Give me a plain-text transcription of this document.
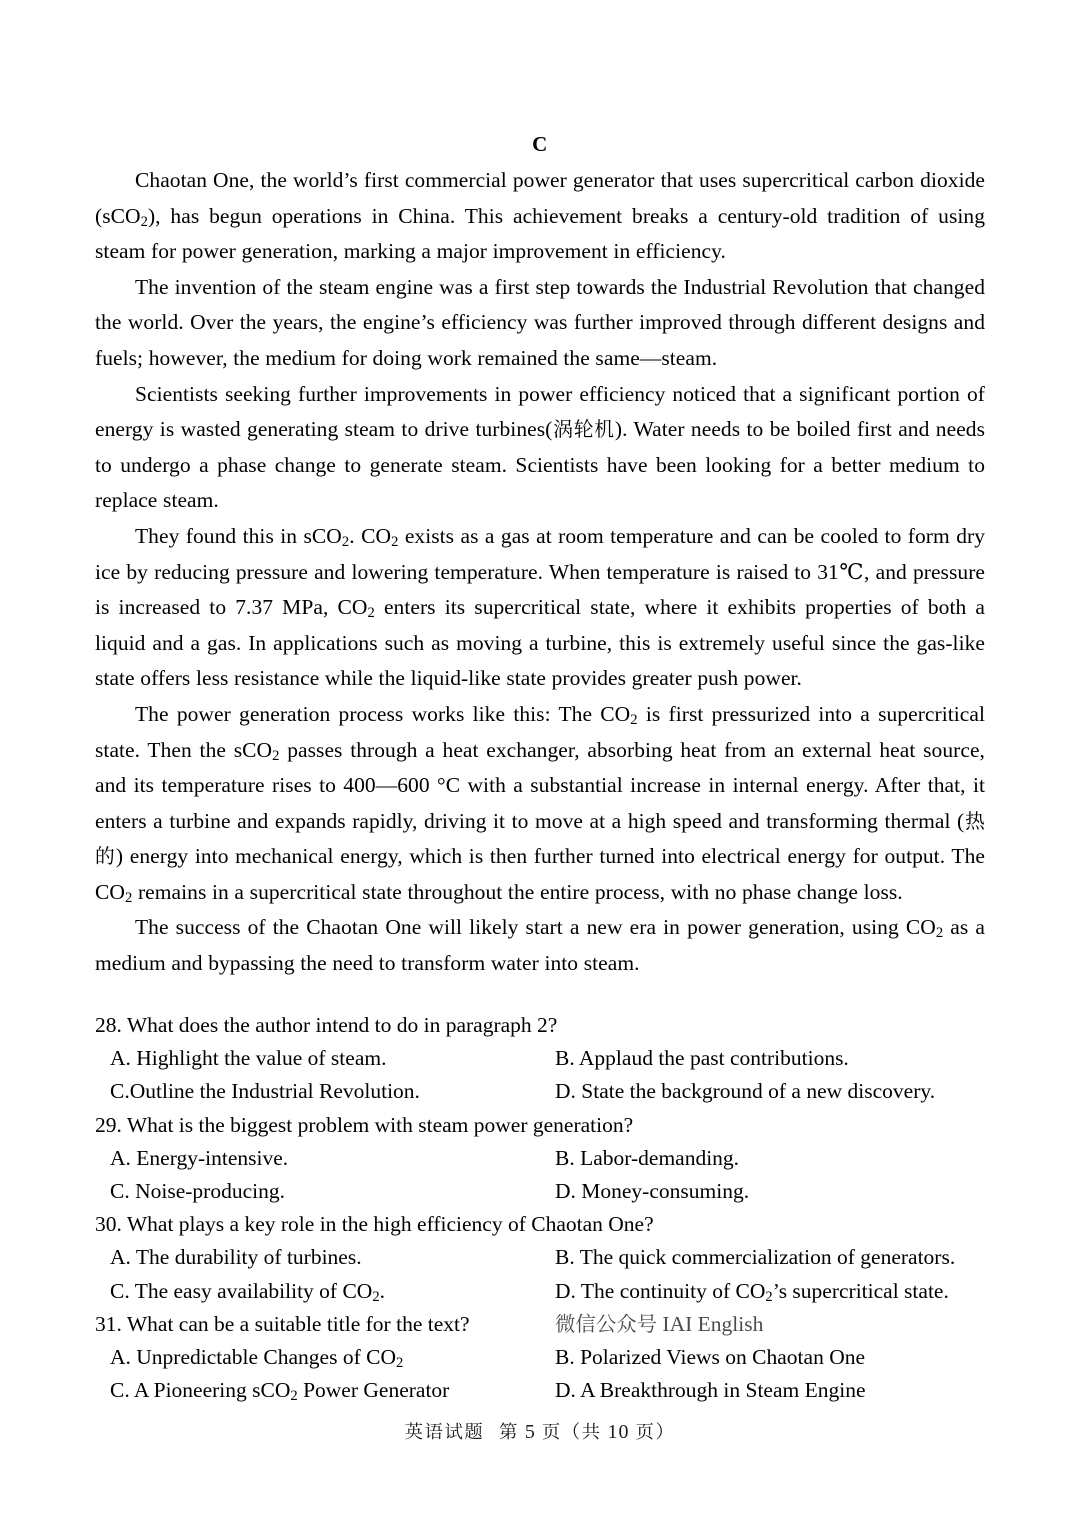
C

Chaotan One, the world’s first commercial power generator that uses supercritical carbon dioxide (sCO$_2$), has begun operations in China. This achievement breaks a century-old tradition of using steam for power generation, marking a major improvement in efficiency.

The invention of the steam engine was a first step towards the Industrial Revolution that changed the world. Over the years, the engine’s efficiency was further improved through different designs and fuels; however, the medium for doing work remained the same—steam.

Scientists seeking further improvements in power efficiency noticed that a significant portion of energy is wasted generating steam to drive turbines(涡轮机). Water needs to be boiled first and needs to undergo a phase change to generate steam. Scientists have been looking for a better medium to replace steam.

They found this in sCO$_2$. $CO_2$ exists as a gas at room temperature and can be cooled to form dry ice by reducing pressure and lowering temperature. When temperature is raised to 31℃, and pressure is increased to 7.37 MPa, $CO_2$ enters its supercritical state, where it exhibits properties of both a liquid and a gas. In applications such as moving a turbine, this is extremely useful since the gas-like state offers less resistance while the liquid-like state provides greater push power.

The power generation process works like this: The $CO_2$ is first pressurized into a supercritical state. Then the sCO$_2$ passes through a heat exchanger, absorbing heat from an external heat source, and its temperature rises to 400—600 °C with a substantial increase in internal energy. After that, it enters a turbine and expands rapidly, driving it to move at a high speed and transforming thermal (热的) energy into mechanical energy, which is then further turned into electrical energy for output. The $CO_2$ remains in a supercritical state throughout the entire process, with no phase change loss.

The success of the Chaotan One will likely start a new era in power generation, using $CO_2$ as a medium and bypassing the need to transform water into steam.

28. What does the author intend to do in paragraph 2?
A. Highlight the value of steam.	B. Applaud the past contributions.
C.Outline the Industrial Revolution.	D. State the background of a new discovery.
29. What is the biggest problem with steam power generation?
A. Energy-intensive.	B. Labor-demanding.
C. Noise-producing.	D. Money-consuming.
30. What plays a key role in the high efficiency of Chaotan One?
A. The durability of turbines.	B. The quick commercialization of generators.
C. The easy availability of $CO_2$.	D. The continuity of $CO_2’s$ supercritical state.
31. What can be a suitable title for the text?	微信公众号 IAI English
A. Unpredictable Changes of $CO_2$	B. Polarized Views on Chaotan One
C. A Pioneering sCO$_2$ Power Generator	D. A Breakthrough in Steam Engine
英语试题 第 5 页（共 10 页）
